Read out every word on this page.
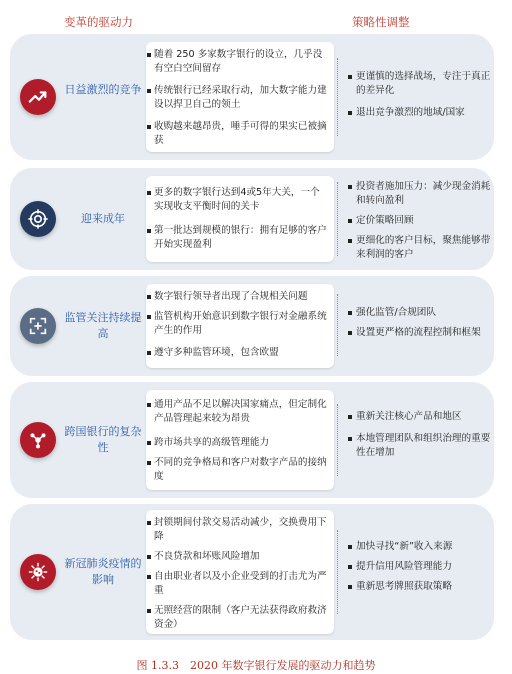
变革的驱动力	策略性调整
日益激烈的竞争
随着 250 多家数字银行的设立，几乎没有空白空间留存
传统银行已经采取行动，加大数字能力建设以捍卫自己的领土
收购越来越昂贵，唾手可得的果实已被摘获
更谨慎的选择战场，专注于真正的差异化
退出竞争激烈的地域/国家
迎来成年
更多的数字银行达到4或5年大关，一个实现收支平衡时间的关卡
第一批达到规模的银行：拥有足够的客户开始实现盈利
投资者施加压力：减少现金消耗和转向盈利
定价策略回顾
更细化的客户目标，聚焦能够带来利润的客户
监管关注持续提高
数字银行领导者出现了合规相关问题
监管机构开始意识到数字银行对金融系统产生的作用
遵守多种监管环境，包含欧盟
强化监管/合规团队
设置更严格的流程控制和框架
跨国银行的复杂性
通用产品不足以解决国家痛点，但定制化产品管理起来较为昂贵
跨市场共享的高级管理能力
不同的竞争格局和客户对数字产品的接纳度
重新关注核心产品和地区
本地管理团队和组织治理的重要性在增加
新冠肺炎疫情的影响
封锁期间付款交易活动减少，交换费用下降
不良贷款和坏账风险增加
自由职业者以及小企业受到的打击尤为严重
无照经营的限制（客户无法获得政府救济资金）
加快寻找“新”收入来源
提升信用风险管理能力
重新思考牌照获取策略
图 1.3.3　2020 年数字银行发展的驱动力和趋势
